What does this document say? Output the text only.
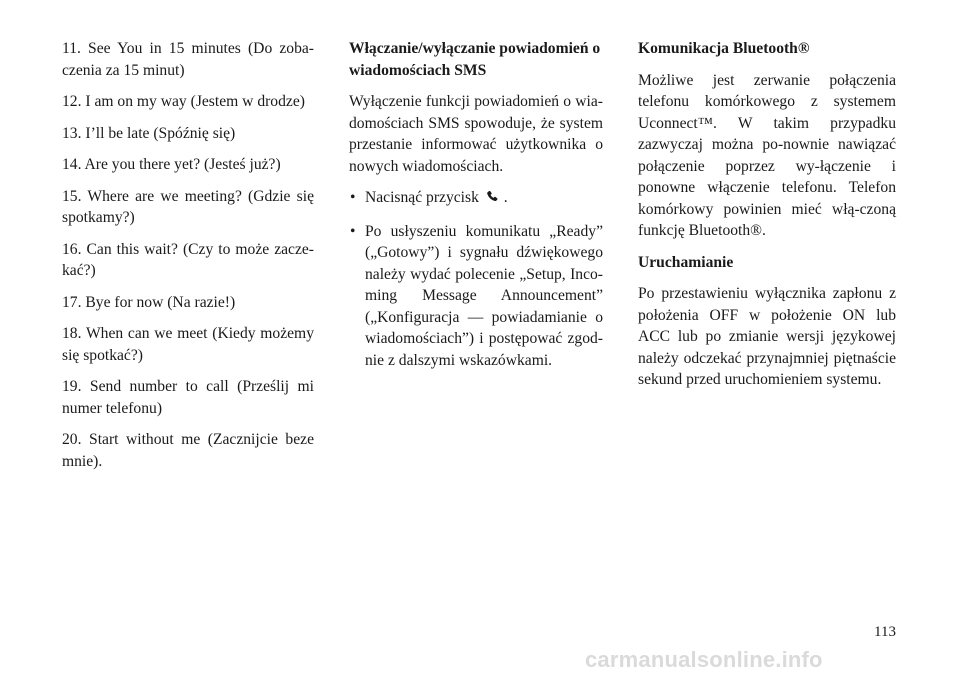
11. See You in 15 minutes (Do zoba-czenia za 15 minut)

12. I am on my way (Jestem w drodze)

13. I’ll be late (Spóźnię się)

14. Are you there yet? (Jesteś już?)

15. Where are we meeting? (Gdzie się spotkamy?)

16. Can this wait? (Czy to może zacze-kać?)

17. Bye for now (Na razie!)

18. When can we meet (Kiedy możemy się spotkać?)

19. Send number to call (Prześlij mi numer telefonu)

20. Start without me (Zacznijcie beze mnie).

Włączanie/wyłączanie powiadomień o wiadomościach SMS

Wyłączenie funkcji powiadomień o wia-domościach SMS spowoduje, że system przestanie informować użytkownika o nowych wiadomościach.

• Nacisnąć przycisk .
• Po usłyszeniu komunikatu „Ready” („Gotowy”) i sygnału dźwiękowego należy wydać polecenie „Setup, Inco-ming Message Announcement” („Konfiguracja — powiadamianie o wiadomościach”) i postępować zgod-nie z dalszymi wskazówkami.

Komunikacja Bluetooth®

Możliwe jest zerwanie połączenia telefonu komórkowego z systemem Uconnect™. W takim przypadku zazwyczaj można po-nownie nawiązać połączenie poprzez wy-łączenie i ponowne włączenie telefonu. Telefon komórkowy powinien mieć włą-czoną funkcję Bluetooth®.

Uruchamianie

Po przestawieniu wyłącznika zapłonu z położenia OFF w położenie ON lub ACC lub po zmianie wersji językowej należy odczekać przynajmniej piętnaście sekund przed uruchomieniem systemu.

113
carmanualsonline.info
